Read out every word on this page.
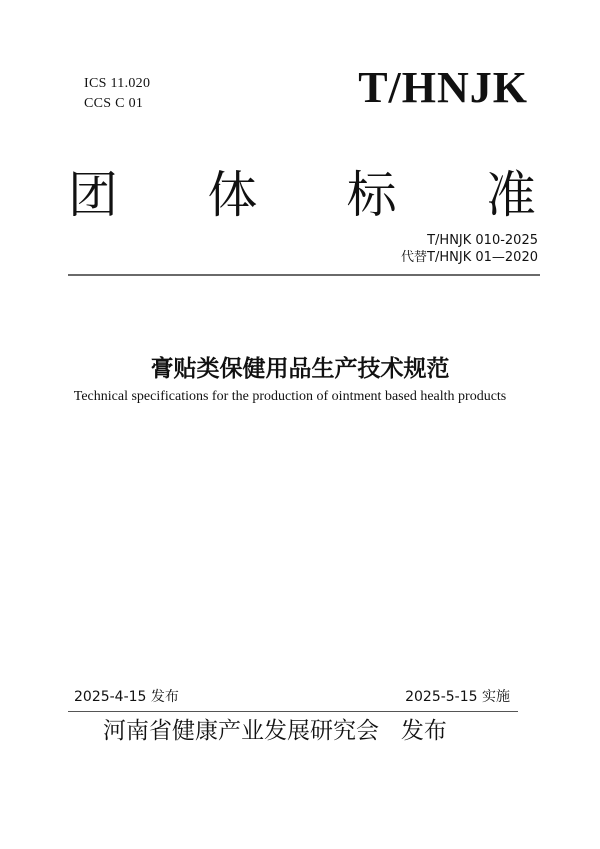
ICS 11.020
CCS C 01	T/HNJK
团 体 标 准
T/HNJK 010-2025
代替T/HNJK 01—2020
膏贴类保健用品生产技术规范
Technical specifications for the production of ointment based health products
2025-4-15 发布	2025-5-15 实施
河南省健康产业发展研究会   发布
